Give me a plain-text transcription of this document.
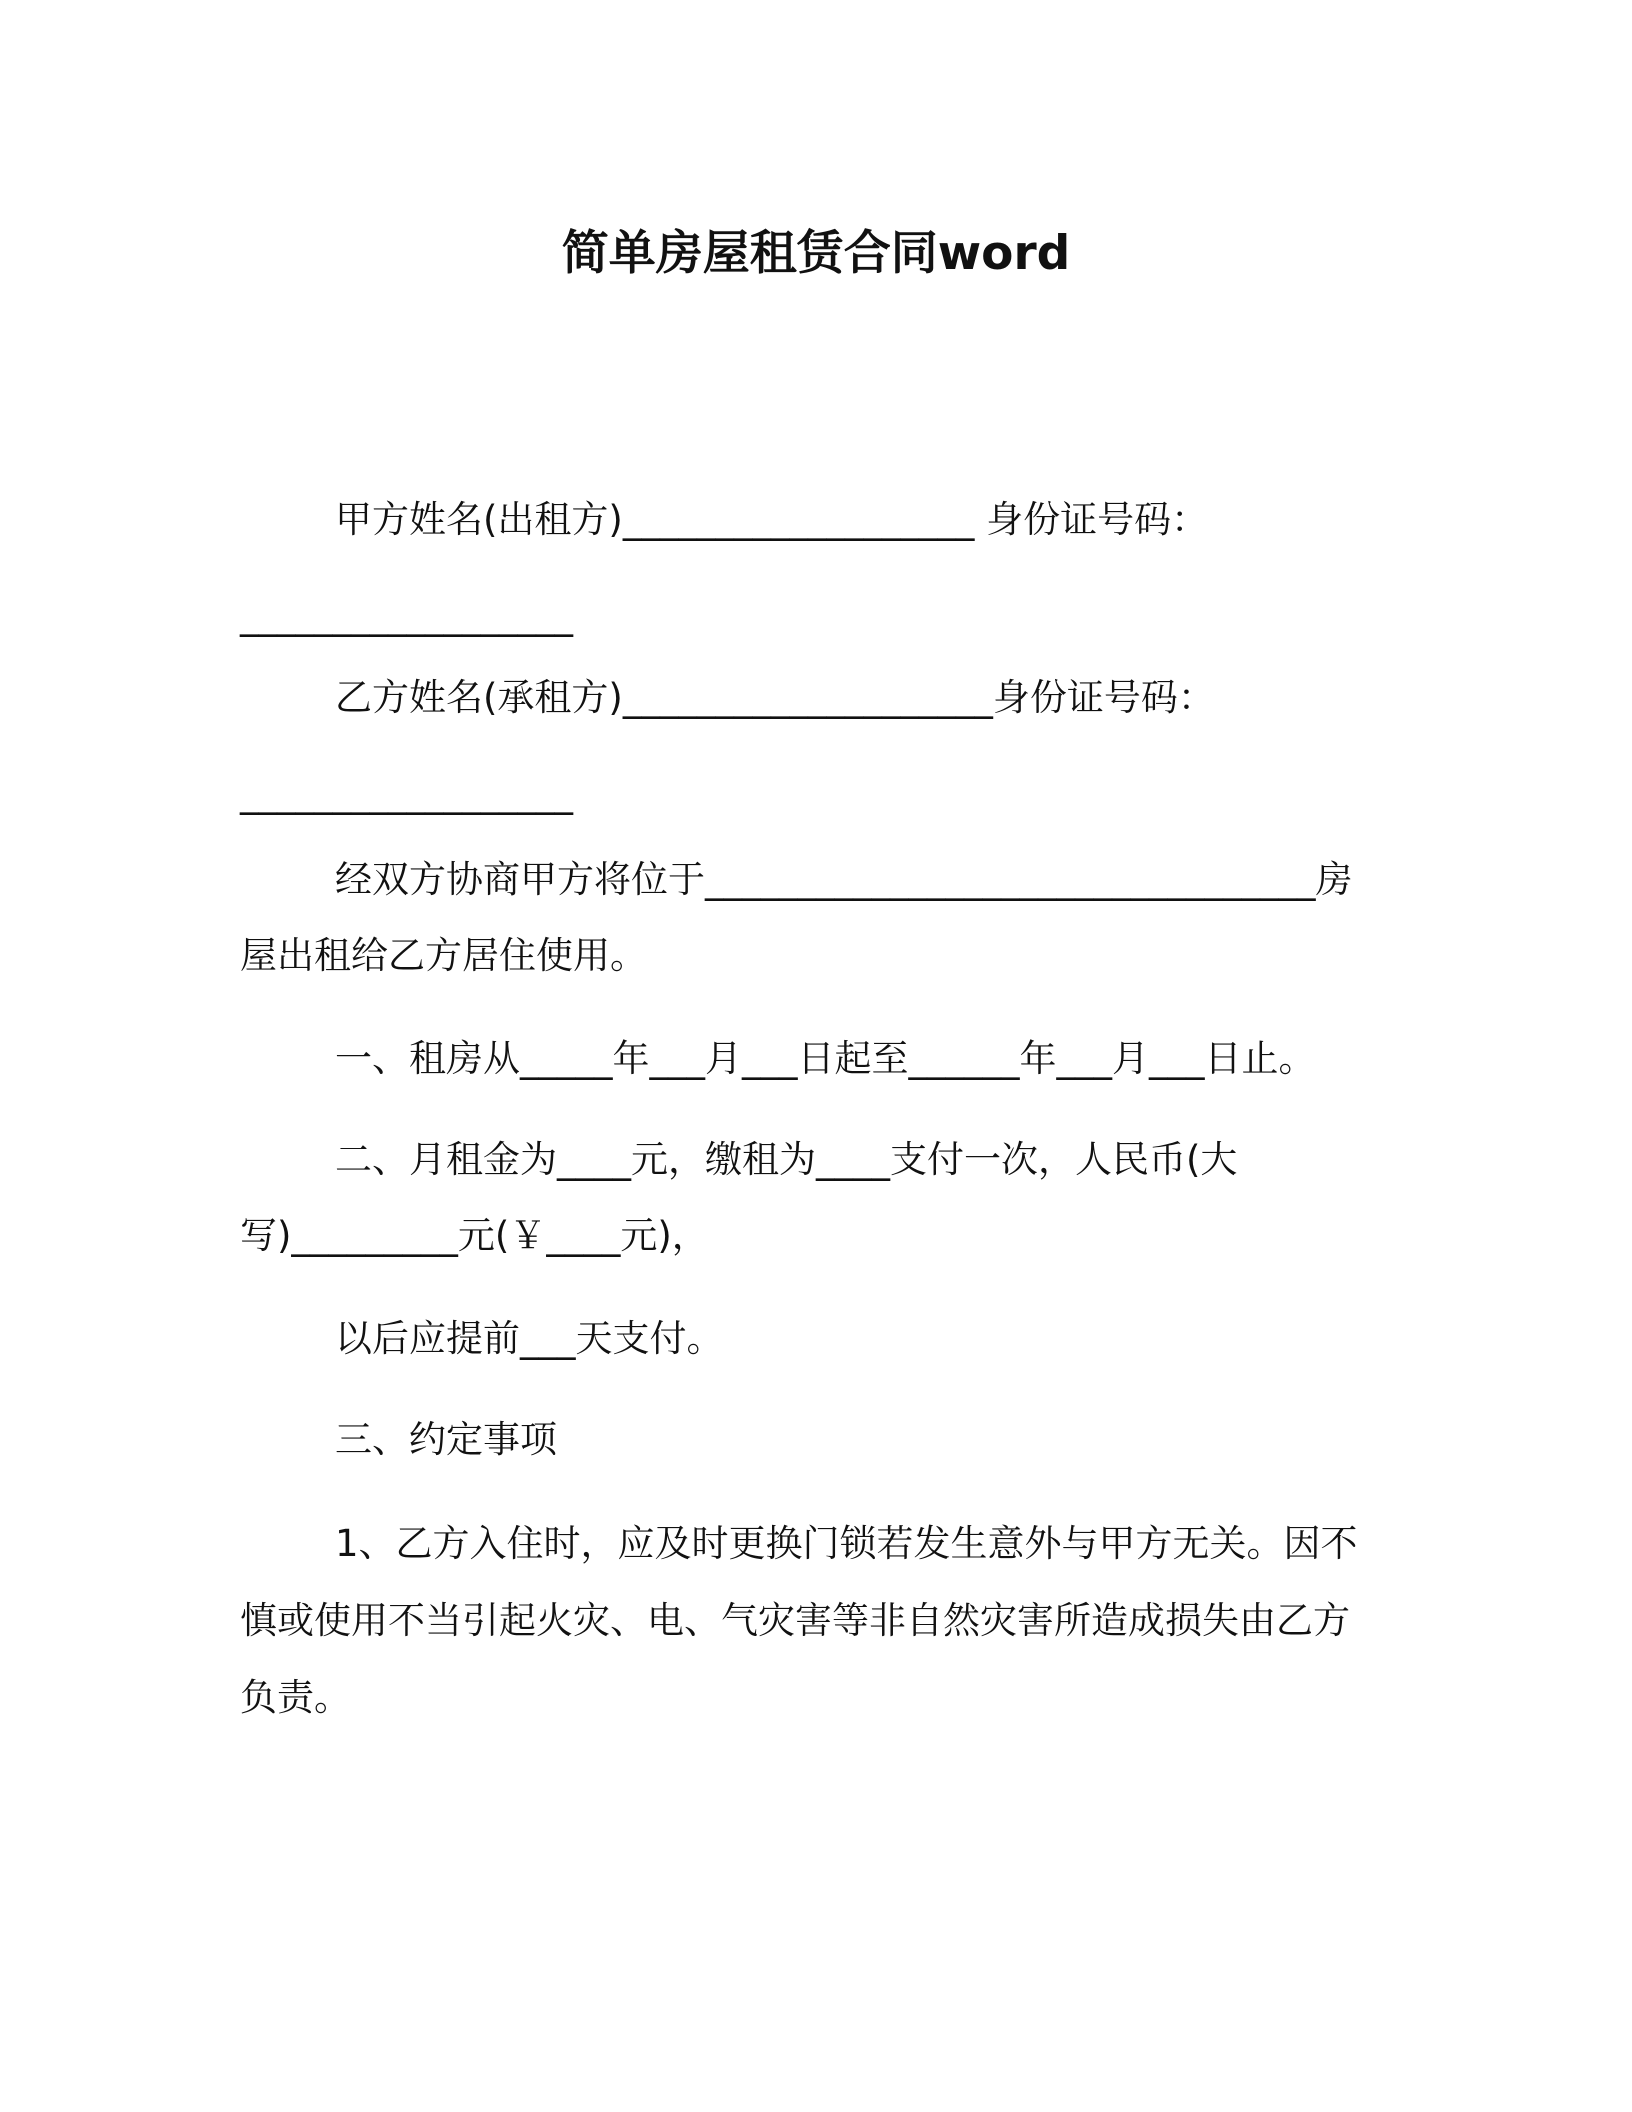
简单房屋租赁合同word
甲方姓名(出租方)___________________ 身份证号码：
__________________
乙方姓名(承租方)____________________身份证号码：
__________________
经双方协商甲方将位于_________________________________房
屋出租给乙方居住使用。
一、租房从_____年___月___日起至______年___月___日止。
二、月租金为____元，缴租为____支付一次，人民币(大
写)_________元(￥____元)，
以后应提前___天支付。
三、约定事项
1、乙方入住时，应及时更换门锁若发生意外与甲方无关。因不
慎或使用不当引起火灾、电、气灾害等非自然灾害所造成损失由乙方
负责。
